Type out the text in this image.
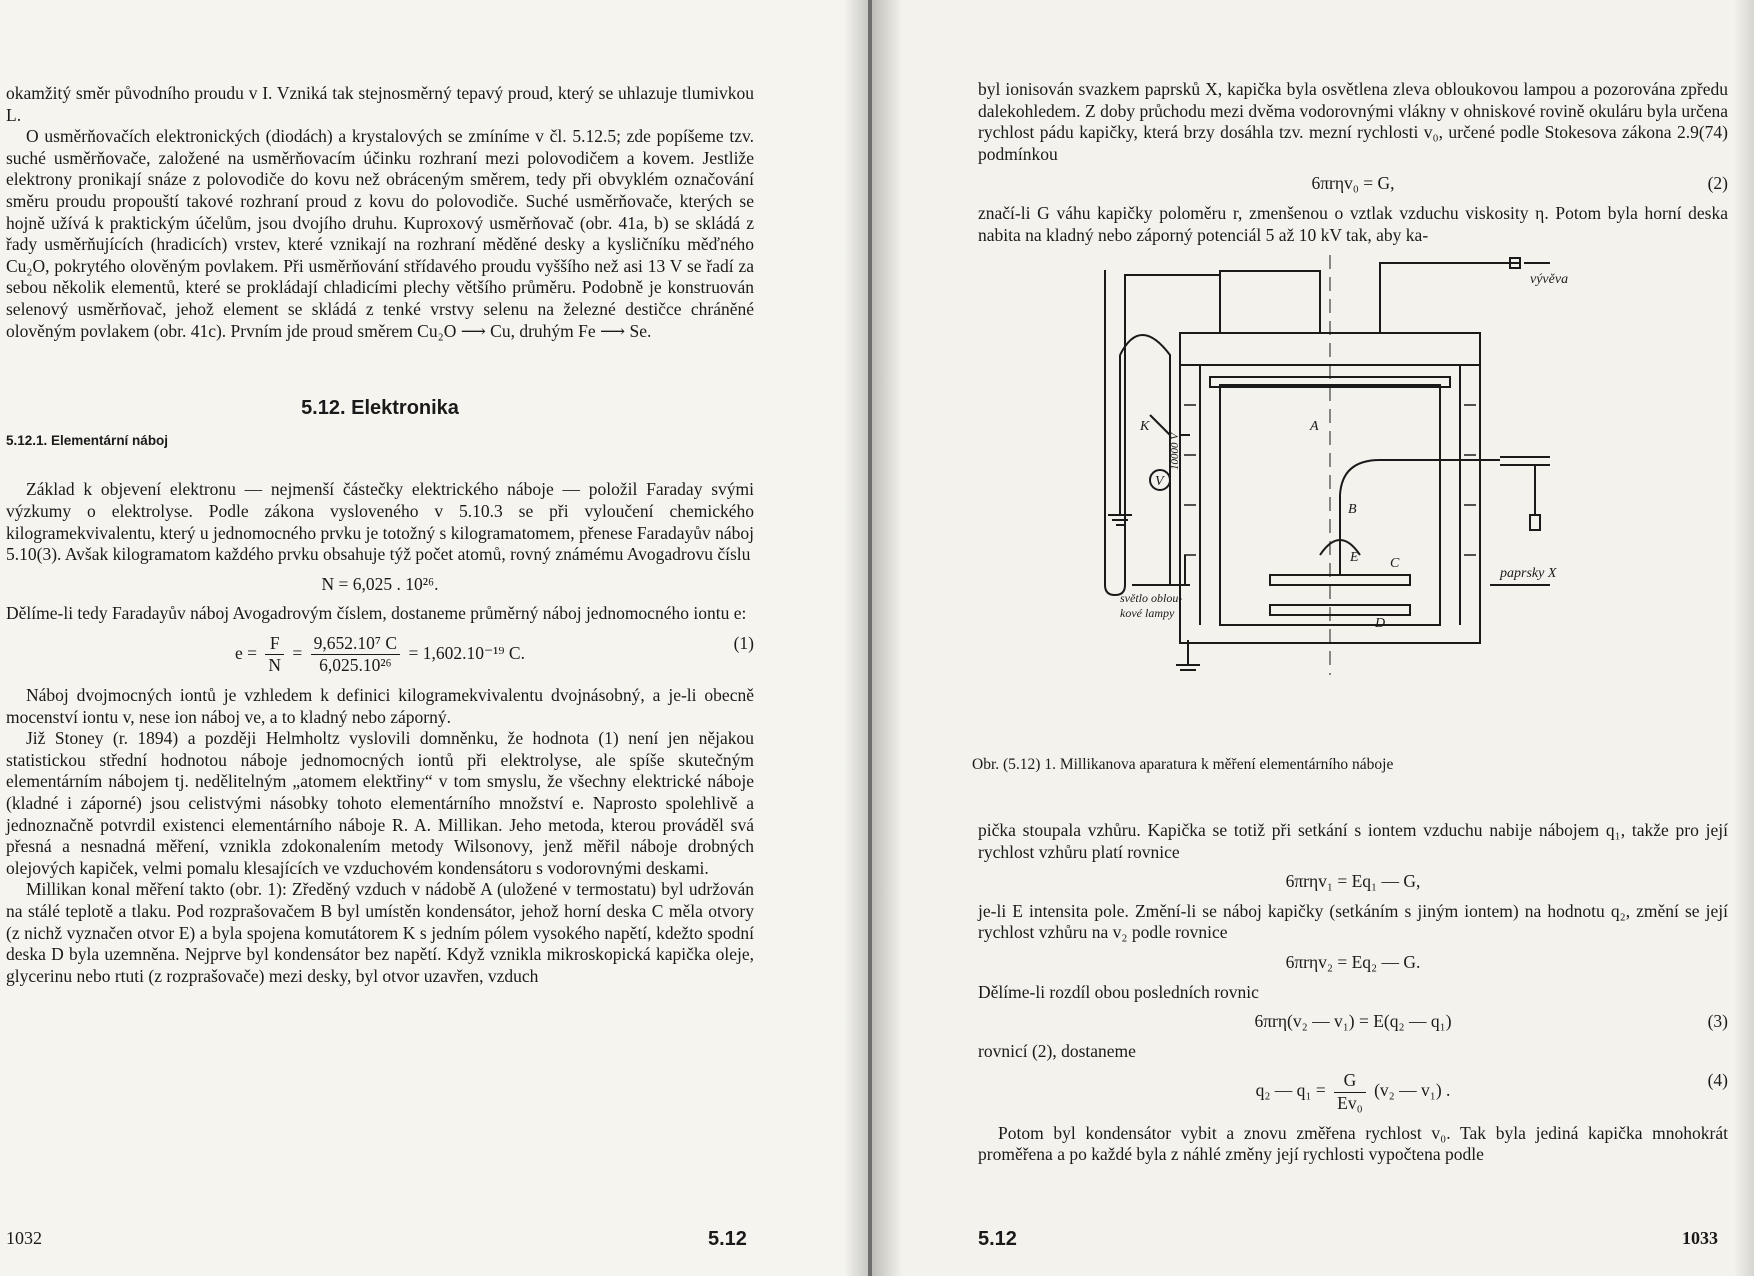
okamžitý směr původního proudu v I. Vzniká tak stejnosměrný tepavý proud, který se uhlazuje tlumivkou L.

O usměrňovačích elektronických (diodách) a krystalových se zmíníme v čl. 5.12.5; zde popíšeme tzv. suché usměrňovače, založené na usměrňovacím účinku rozhraní mezi polovodičem a kovem. Jestliže elektrony pronikají snáze z polovodiče do kovu než obráceným směrem, tedy při obvyklém označování směru proudu propouští takové rozhraní proud z kovu do polovodiče. Suché usměrňovače, kterých se hojně užívá k praktickým účelům, jsou dvojího druhu. Kuproxový usměrňovač (obr. 41a, b) se skládá z řady usměrňujících (hradicích) vrstev, které vznikají na rozhraní měděné desky a kysličníku měďného Cu₂O, pokrytého olověným povlakem. Při usměrňování střídavého proudu vyššího než asi 13 V se řadí za sebou několik elementů, které se prokládají chladicími plechy většího průměru. Podobně je konstruován selenový usměrňovač, jehož element se skládá z tenké vrstvy selenu na železné destičce chráněné olověným povlakem (obr. 41c). Prvním jde proud směrem Cu₂O ⟶ Cu, druhým Fe ⟶ Se.

5.12. Elektronika
5.12.1. Elementární náboj

Základ k objevení elektronu — nejmenší částečky elektrického náboje — položil Faraday svými výzkumy o elektrolyse. Podle zákona vysloveného v 5.10.3 se při vyloučení chemického kilogramekvivalentu, který u jednomocného prvku je totožný s kilogramatomem, přenese Faradayův náboj 5.10(3). Avšak kilogramatom každého prvku obsahuje týž počet atomů, rovný známému Avogadrovu číslu

N = 6,025 . 10²⁶.

Dělíme-li tedy Faradayův náboj Avogadrovým číslem, dostaneme průměrný náboj jednomocného iontu e:

$e = \frac{F}{N} = \frac{\text{9,652.10⁷ C}}{\text{6,025.10²⁶}} = 1,602.10^{-19}$ C.
(1)

Náboj dvojmocných iontů je vzhledem k definici kilogramekvivalentu dvojnásobný, a je-li obecně mocenství iontu v, nese ion náboj ve, a to kladný nebo záporný.

Již Stoney (r. 1894) a později Helmholtz vyslovili domněnku, že hodnota (1) není jen nějakou statistickou střední hodnotou náboje jednomocných iontů při elektrolyse, ale spíše skutečným elementárním nábojem tj. nedělitelným „atomem elektřiny“ v tom smyslu, že všechny elektrické náboje (kladné i záporné) jsou celistvými násobky tohoto elementárního množství e. Naprosto spolehlivě a jednoznačně potvrdil existenci elementárního náboje R. A. Millikan. Jeho metoda, kterou prováděl svá přesná a nesnadná měření, vznikla zdokonalením metody Wilsonovy, jenž měřil náboje drobných olejových kapiček, velmi pomalu klesajících ve vzduchovém kondensátoru s vodorovnými deskami.

Millikan konal měření takto (obr. 1): Zředěný vzduch v nádobě A (uložené v termostatu) byl udržován na stálé teplotě a tlaku. Pod rozprašovačem B byl umístěn kondensátor, jehož horní deska C měla otvory (z nichž vyznačen otvor E) a byla spojena komutátorem K s jedním pólem vysokého napětí, kdežto spodní deska D byla uzemněna. Nejprve byl kondensátor bez napětí. Když vznikla mikroskopická kapička oleje, glycerinu nebo rtuti (z rozprašovače) mezi desky, byl otvor uzavřen, vzduch

1032	5.12

byl ionisován svazkem paprsků X, kapička byla osvětlena zleva obloukovou lampou a pozorována zpředu dalekohledem. Z doby průchodu mezi dvěma vodorovnými vlákny v ohniskové rovině okuláru byla určena rychlost pádu kapičky, která brzy dosáhla tzv. mezní rychlosti v₀, určené podle Stokesova zákona 2.9(74) podmínkou

6πrηv₀ = G,	(2)

značí-li G váhu kapičky poloměru r, zmenšenou o vztlak vzduchu viskosity η. Potom byla horní deska nabita na kladný nebo záporný potenciál 5 až 10 kV tak, aby ka-

vývěva
A
B
C
D
E
K
V
10000 V
paprsky X
světlo oblou-
kové lampy
Obr. (5.12) 1. Millikanova aparatura k měření elementárního náboje

pička stoupala vzhůru. Kapička se totiž při setkání s iontem vzduchu nabije nábojem q₁, takže pro její rychlost vzhůru platí rovnice

6πrηv₁ = Eq₁ — G,

je-li E intensita pole. Změní-li se náboj kapičky (setkáním s jiným iontem) na hodnotu q₂, změní se její rychlost vzhůru na v₂ podle rovnice

6πrηv₂ = Eq₂ — G.

Dělíme-li rozdíl obou posledních rovnic

6πrη(v₂ — v₁) = E(q₂ — q₁)	(3)

rovnicí (2), dostaneme

q₂ — $q_1 = \frac{G}{\text{Ev₀}} (v_2$ — v₁) .
(4)

Potom byl kondensátor vybit a znovu změřena rychlost v₀. Tak byla jediná kapička mnohokrát proměřena a po každé byla z náhlé změny její rychlosti vypočtena podle

5.12	1033
